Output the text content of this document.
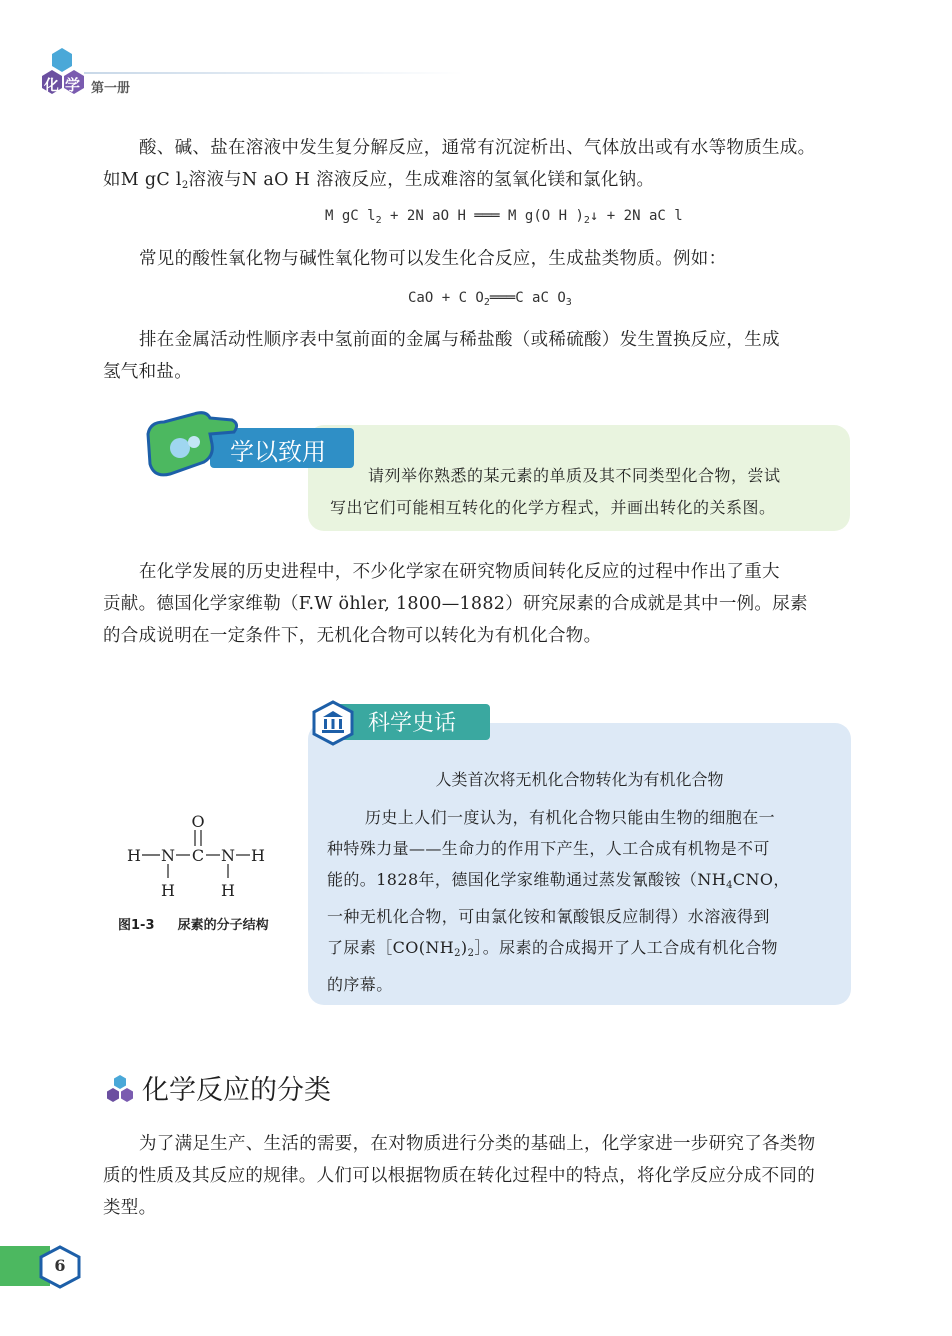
化学 第一册
酸、碱、盐在溶液中发生复分解反应，通常有沉淀析出、气体放出或有水等物质生成。
如M gC $l_2$溶液与N aO H 溶液反应，生成难溶的氢氧化镁和氯化钠。
M gC $l_2 + 2N$ aO H ═══ M g(O H )$_2↓ + 2N$ aC l
常见的酸性氧化物与碱性氧化物可以发生化合反应，生成盐类物质。例如：
CaO + C $O_2═══C$ aC $O_3$
排在金属活动性顺序表中氢前面的金属与稀盐酸（或稀硫酸）发生置换反应，生成
氢气和盐。
学以致用
请列举你熟悉的某元素的单质及其不同类型化合物，尝试
写出它们可能相互转化的化学方程式，并画出转化的关系图。
在化学发展的历史进程中，不少化学家在研究物质间转化反应的过程中作出了重大
贡献。德国化学家维勒（F.W öhler, 1800—1882）研究尿素的合成就是其中一例。尿素
的合成说明在一定条件下，无机化合物可以转化为有机化合物。
科学史话
人类首次将无机化合物转化为有机化合物
历史上人们一度认为，有机化合物只能由生物的细胞在一
种特殊力量——生命力的作用下产生，人工合成有机物是不可
能的。1828年，德国化学家维勒通过蒸发氰酸铵（$NH_4CNO$，
一种无机化合物，可由氯化铵和氰酸银反应制得）水溶液得到
了尿素$[CO(NH_2)_2]$。尿素的合成揭开了人工合成有机化合物
的序幕。
O
H N C N H
H	H
图1-3 尿素的分子结构
化学反应的分类
为了满足生产、生活的需要，在对物质进行分类的基础上，化学家进一步研究了各类物
质的性质及其反应的规律。人们可以根据物质在转化过程中的特点，将化学反应分成不同的
类型。
6
